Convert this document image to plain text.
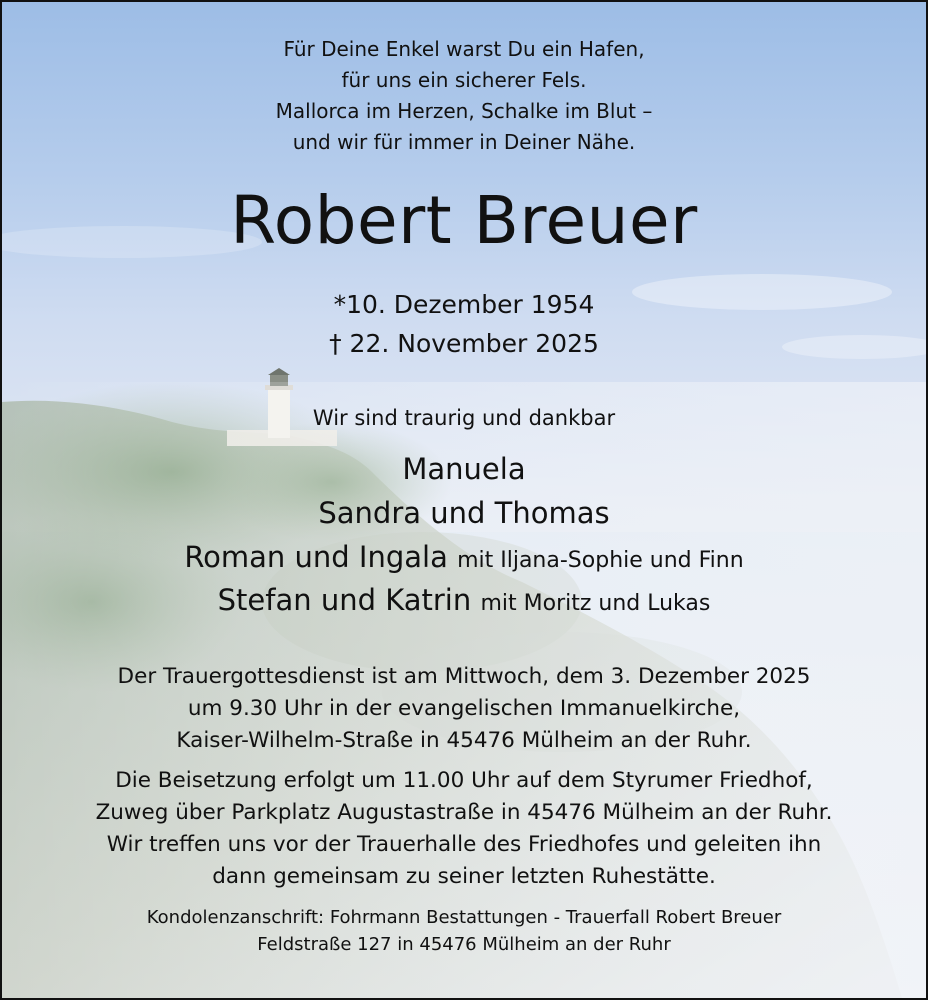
Für Deine Enkel warst Du ein Hafen,
für uns ein sicherer Fels.
Mallorca im Herzen, Schalke im Blut –
und wir für immer in Deiner Nähe.
Robert Breuer
*10. Dezember 1954
† 22. November 2025
Wir sind traurig und dankbar
Manuela
Sandra und Thomas
Roman und Ingala mit Iljana-Sophie und Finn
Stefan und Katrin mit Moritz und Lukas
Der Trauergottesdienst ist am Mittwoch, dem 3. Dezember 2025
um 9.30 Uhr in der evangelischen Immanuelkirche,
Kaiser-Wilhelm-Straße in 45476 Mülheim an der Ruhr.
Die Beisetzung erfolgt um 11.00 Uhr auf dem Styrumer Friedhof,
Zuweg über Parkplatz Augustastraße in 45476 Mülheim an der Ruhr.
Wir treffen uns vor der Trauerhalle des Friedhofes und geleiten ihn
dann gemeinsam zu seiner letzten Ruhestätte.
Kondolenzanschrift: Fohrmann Bestattungen - Trauerfall Robert Breuer
Feldstraße 127 in 45476 Mülheim an der Ruhr
